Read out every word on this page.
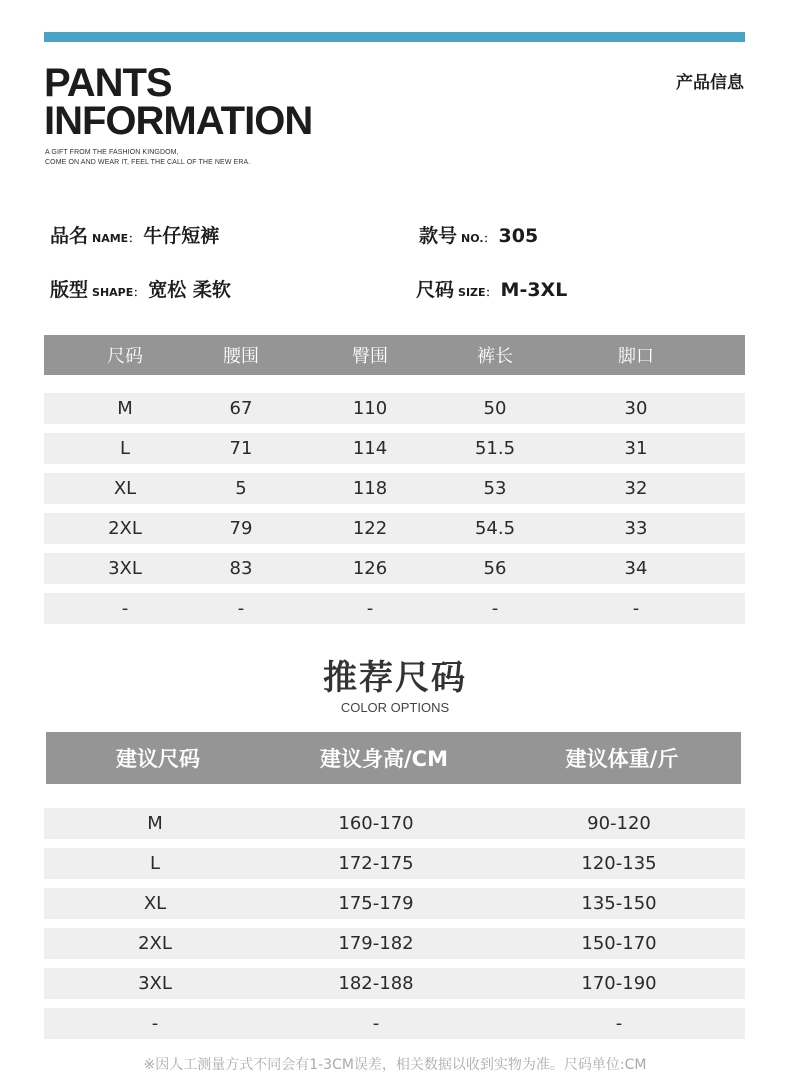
PANTS
INFORMATION
A GIFT FROM THE FASHION KINGDOM,
COME ON AND WEAR IT, FEEL THE CALL OF THE NEW ERA.
产品信息
品名 NAME： 牛仔短裤	款号 NO.： 305
版型 SHAPE： 宽松 柔软	尺码 SIZE： M-3XL
尺码	腰围	臀围	裤长	脚口
M	67	110	50	30
L	71	114	51.5	31
XL	5	118	53	32
2XL	79	122	54.5	33
3XL	83	126	56	34
-	-	-	-	-
推荐尺码
COLOR OPTIONS
建议尺码	建议身高/CM	建议体重/斤
M	160-170	90-120
L	172-175	120-135
XL	175-179	135-150
2XL	179-182	150-170
3XL	182-188	170-190
-	-	-
※因人工测量方式不同会有1-3CM误差，相关数据以收到实物为准。尺码单位:CM
